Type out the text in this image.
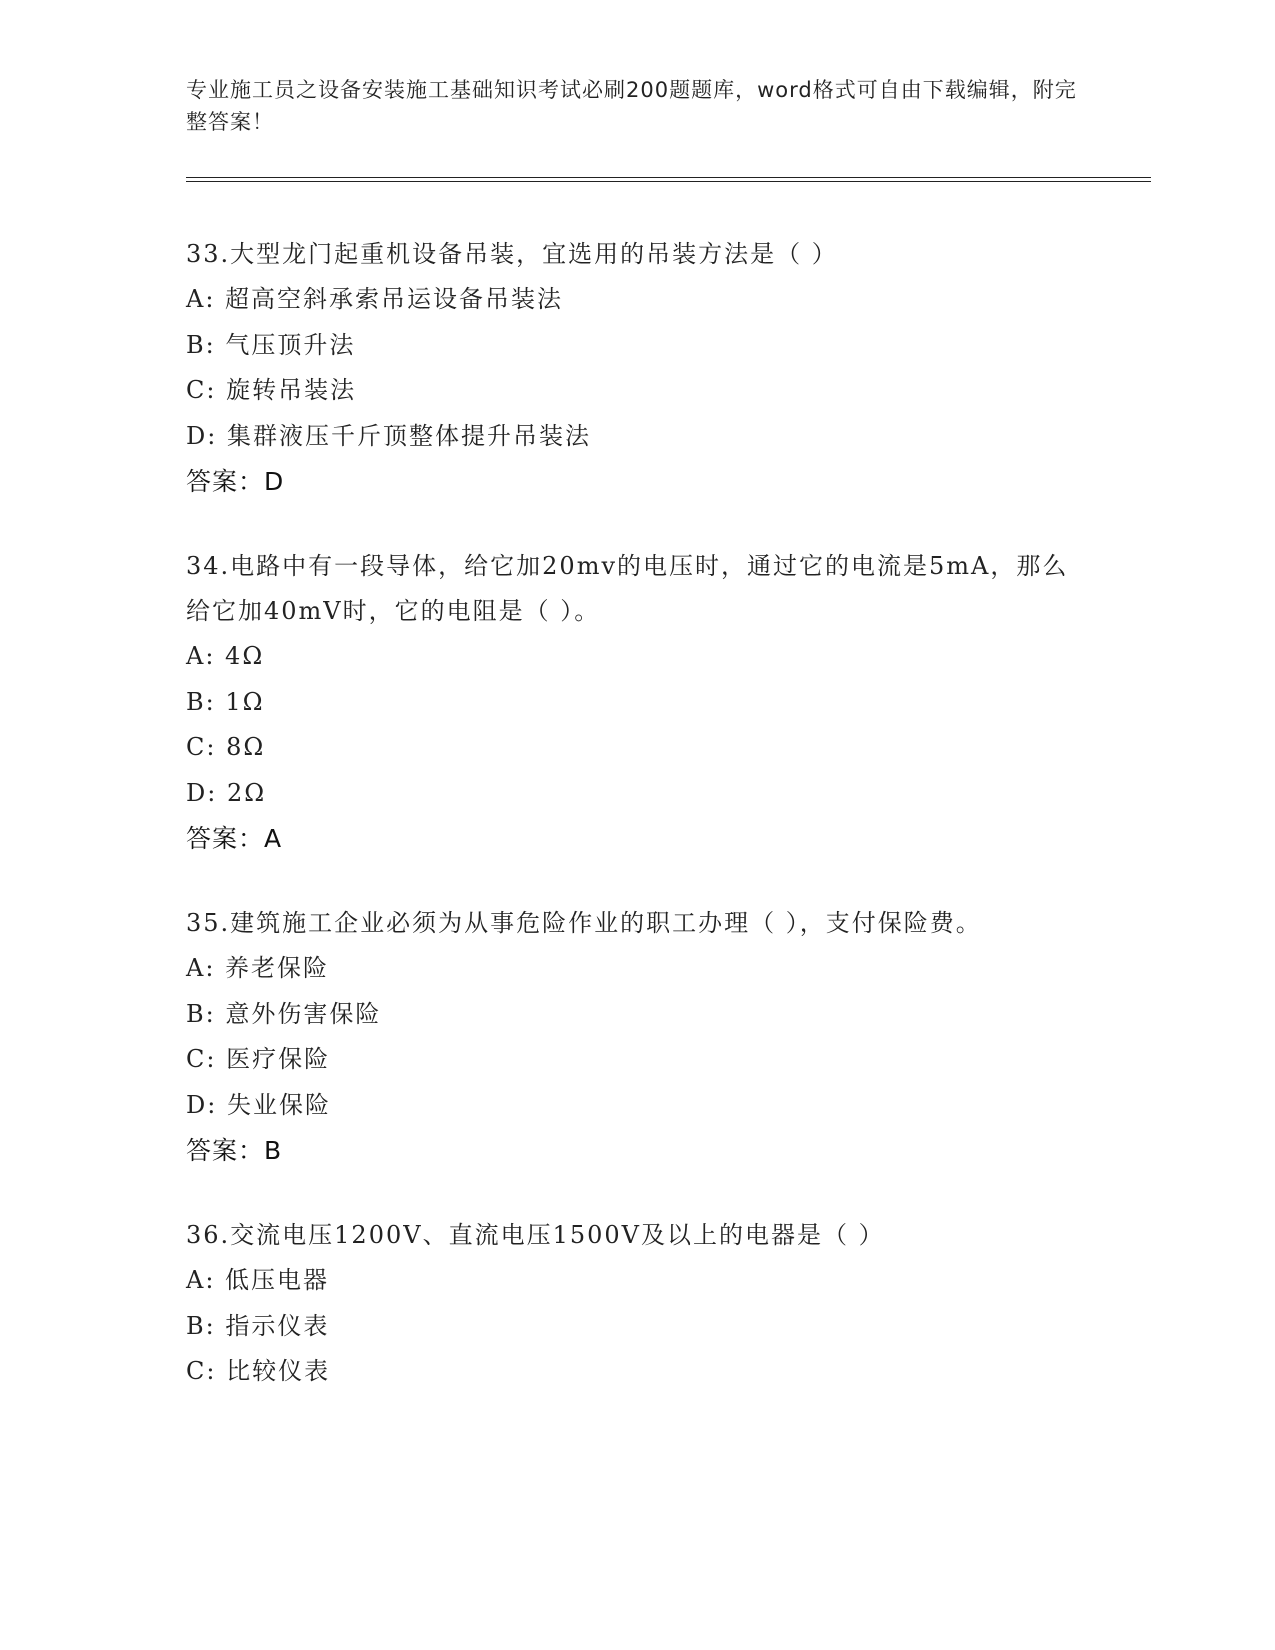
专业施工员之设备安装施工基础知识考试必刷200题题库，word格式可自由下载编辑，附完整答案！
33.大型龙门起重机设备吊装，宜选用的吊装方法是（ ）
A: 超高空斜承索吊运设备吊装法
B: 气压顶升法
C: 旋转吊装法
D: 集群液压千斤顶整体提升吊装法
答案：D
34.电路中有一段导体，给它加20mv的电压时，通过它的电流是5mA，那么给它加40mV时，它的电阻是（ ）。
A: 4Ω
B: 1Ω
C: 8Ω
D: 2Ω
答案：A
35.建筑施工企业必须为从事危险作业的职工办理（ ），支付保险费。
A: 养老保险
B: 意外伤害保险
C: 医疗保险
D: 失业保险
答案：B
36.交流电压1200V、直流电压1500V及以上的电器是（ ）
A: 低压电器
B: 指示仪表
C: 比较仪表
